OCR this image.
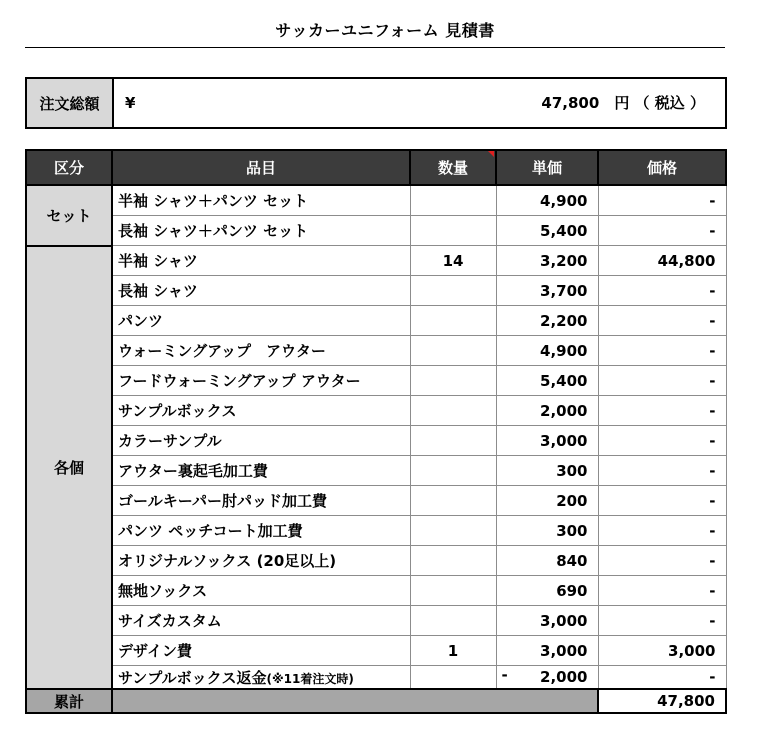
サッカーユニフォーム 見積書
注文総額	¥	47,800　 円 （ 税込 ）
区分	品目	数量	単価	価格
セット	半袖 シャツ＋パンツ セット		4,900	-
	長袖 シャツ＋パンツ セット		5,400	-
各個	半袖 シャツ	14	3,200	44,800
	長袖 シャツ		3,700	-
	パンツ		2,200	-
	ウォーミングアップ　アウター		4,900	-
	フードウォーミングアップ アウター		5,400	-
	サンプルボックス		2,000	-
	カラーサンプル		3,000	-
	アウター裏起毛加工費		300	-
	ゴールキーパー肘パッド加工費		200	-
	パンツ ペッチコート加工費		300	-
	オリジナルソックス (20足以上)		840	-
	無地ソックス		690	-
	サイズカスタム		3,000	-
	デザイン費	1	3,000	3,000
	サンプルボックス返金(※11着注文時)		- 2,000	-
累計				47,800
